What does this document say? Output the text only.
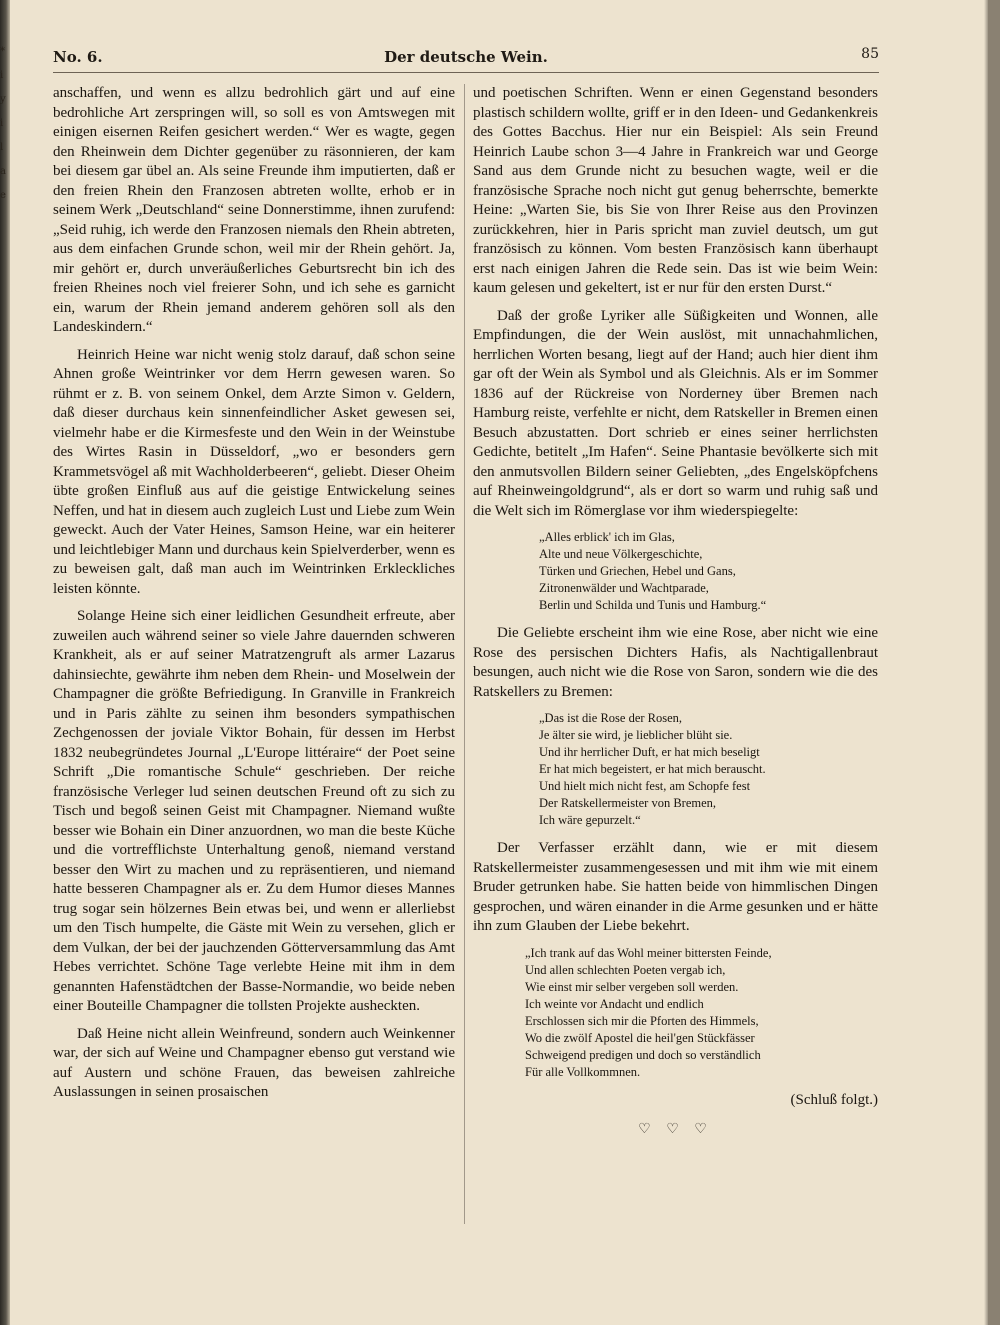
*
i
y
i
l
a
e
Der deutsche Wein.
No. 6.	85

anschaffen, und wenn es allzu bedrohlich gärt und auf eine bedrohliche Art zerspringen will, so soll es von Amtswegen mit einigen eisernen Reifen gesichert werden.“ Wer es wagte, gegen den Rheinwein dem Dichter gegenüber zu räsonnieren, der kam bei diesem gar übel an. Als seine Freunde ihm imputierten, daß er den freien Rhein den Franzosen abtreten wollte, erhob er in seinem Werk „Deutschland“ seine Donnerstimme, ihnen zurufend: „Seid ruhig, ich werde den Franzosen niemals den Rhein abtreten, aus dem einfachen Grunde schon, weil mir der Rhein gehört. Ja, mir gehört er, durch unveräußerliches Geburtsrecht bin ich des freien Rheines noch viel freierer Sohn, und ich sehe es garnicht ein, warum der Rhein jemand anderem gehören soll als den Landeskindern.“

Heinrich Heine war nicht wenig stolz darauf, daß schon seine Ahnen große Weintrinker vor dem Herrn gewesen waren. So rühmt er z. B. von seinem Onkel, dem Arzte Simon v. Geldern, daß dieser durchaus kein sinnenfeindlicher Asket gewesen sei, vielmehr habe er die Kirmesfeste und den Wein in der Weinstube des Wirtes Rasin in Düsseldorf, „wo er besonders gern Krammetsvögel aß mit Wachholderbeeren“, geliebt. Dieser Oheim übte großen Einfluß aus auf die geistige Entwickelung seines Neffen, und hat in diesem auch zugleich Lust und Liebe zum Wein geweckt. Auch der Vater Heines, Samson Heine, war ein heiterer und leichtlebiger Mann und durchaus kein Spielverderber, wenn es zu beweisen galt, daß man auch im Weintrinken Erkleckliches leisten könnte.

Solange Heine sich einer leidlichen Gesundheit erfreute, aber zuweilen auch während seiner so viele Jahre dauernden schweren Krankheit, als er auf seiner Matratzengruft als armer Lazarus dahinsiechte, gewährte ihm neben dem Rhein- und Moselwein der Champagner die größte Befriedigung. In Granville in Frankreich und in Paris zählte zu seinen ihm besonders sympathischen Zechgenossen der joviale Viktor Bohain, für dessen im Herbst 1832 neubegründetes Journal „L'Europe littéraire“ der Poet seine Schrift „Die romantische Schule“ geschrieben. Der reiche französische Verleger lud seinen deutschen Freund oft zu sich zu Tisch und begoß seinen Geist mit Champagner. Niemand wußte besser wie Bohain ein Diner anzuordnen, wo man die beste Küche und die vortrefflichste Unterhaltung genoß, niemand verstand besser den Wirt zu machen und zu repräsentieren, und niemand hatte besseren Champagner als er. Zu dem Humor dieses Mannes trug sogar sein hölzernes Bein etwas bei, und wenn er allerliebst um den Tisch humpelte, die Gäste mit Wein zu versehen, glich er dem Vulkan, der bei der jauchzenden Götterversammlung das Amt Hebes verrichtet. Schöne Tage verlebte Heine mit ihm in dem genannten Hafenstädtchen der Basse-Normandie, wo beide neben einer Bouteille Champagner die tollsten Projekte ausheckten.

Daß Heine nicht allein Weinfreund, sondern auch Weinkenner war, der sich auf Weine und Champagner ebenso gut verstand wie auf Austern und schöne Frauen, das beweisen zahlreiche Auslassungen in seinen prosaischen

und poetischen Schriften. Wenn er einen Gegenstand besonders plastisch schildern wollte, griff er in den Ideen- und Gedankenkreis des Gottes Bacchus. Hier nur ein Beispiel: Als sein Freund Heinrich Laube schon 3—4 Jahre in Frankreich war und George Sand aus dem Grunde nicht zu besuchen wagte, weil er die französische Sprache noch nicht gut genug beherrschte, bemerkte Heine: „Warten Sie, bis Sie von Ihrer Reise aus den Provinzen zurückkehren, hier in Paris spricht man zuviel deutsch, um gut französisch zu können. Vom besten Französisch kann überhaupt erst nach einigen Jahren die Rede sein. Das ist wie beim Wein: kaum gelesen und gekeltert, ist er nur für den ersten Durst.“

Daß der große Lyriker alle Süßigkeiten und Wonnen, alle Empfindungen, die der Wein auslöst, mit unnachahmlichen, herrlichen Worten besang, liegt auf der Hand; auch hier dient ihm gar oft der Wein als Symbol und als Gleichnis. Als er im Sommer 1836 auf der Rückreise von Norderney über Bremen nach Hamburg reiste, verfehlte er nicht, dem Ratskeller in Bremen einen Besuch abzustatten. Dort schrieb er eines seiner herrlichsten Gedichte, betitelt „Im Hafen“. Seine Phantasie bevölkerte sich mit den anmutsvollen Bildern seiner Geliebten, „des Engelsköpfchens auf Rheinweingoldgrund“, als er dort so warm und ruhig saß und die Welt sich im Römerglase vor ihm wiederspiegelte:

„Alles erblick' ich im Glas,
Alte und neue Völkergeschichte,
Türken und Griechen, Hebel und Gans,
Zitronenwälder und Wachtparade,
Berlin und Schilda und Tunis und Hamburg.“

Die Geliebte erscheint ihm wie eine Rose, aber nicht wie eine Rose des persischen Dichters Hafis, als Nachtigallenbraut besungen, auch nicht wie die Rose von Saron, sondern wie die des Ratskellers zu Bremen:

„Das ist die Rose der Rosen,
Je älter sie wird, je lieblicher blüht sie.
Und ihr herrlicher Duft, er hat mich beseligt
Er hat mich begeistert, er hat mich berauscht.
Und hielt mich nicht fest, am Schopfe fest
Der Ratskellermeister von Bremen,
Ich wäre gepurzelt.“

Der Verfasser erzählt dann, wie er mit diesem Ratskellermeister zusammengesessen und mit ihm wie mit einem Bruder getrunken habe. Sie hatten beide von himmlischen Dingen gesprochen, und wären einander in die Arme gesunken und er hätte ihn zum Glauben der Liebe bekehrt.

„Ich trank auf das Wohl meiner bittersten Feinde,
Und allen schlechten Poeten vergab ich,
Wie einst mir selber vergeben soll werden.
Ich weinte vor Andacht und endlich
Erschlossen sich mir die Pforten des Himmels,
Wo die zwölf Apostel die heil'gen Stückfässer
Schweigend predigen und doch so verständlich
Für alle Vollkommnen.
(Schluß folgt.)
♡ ♡ ♡
